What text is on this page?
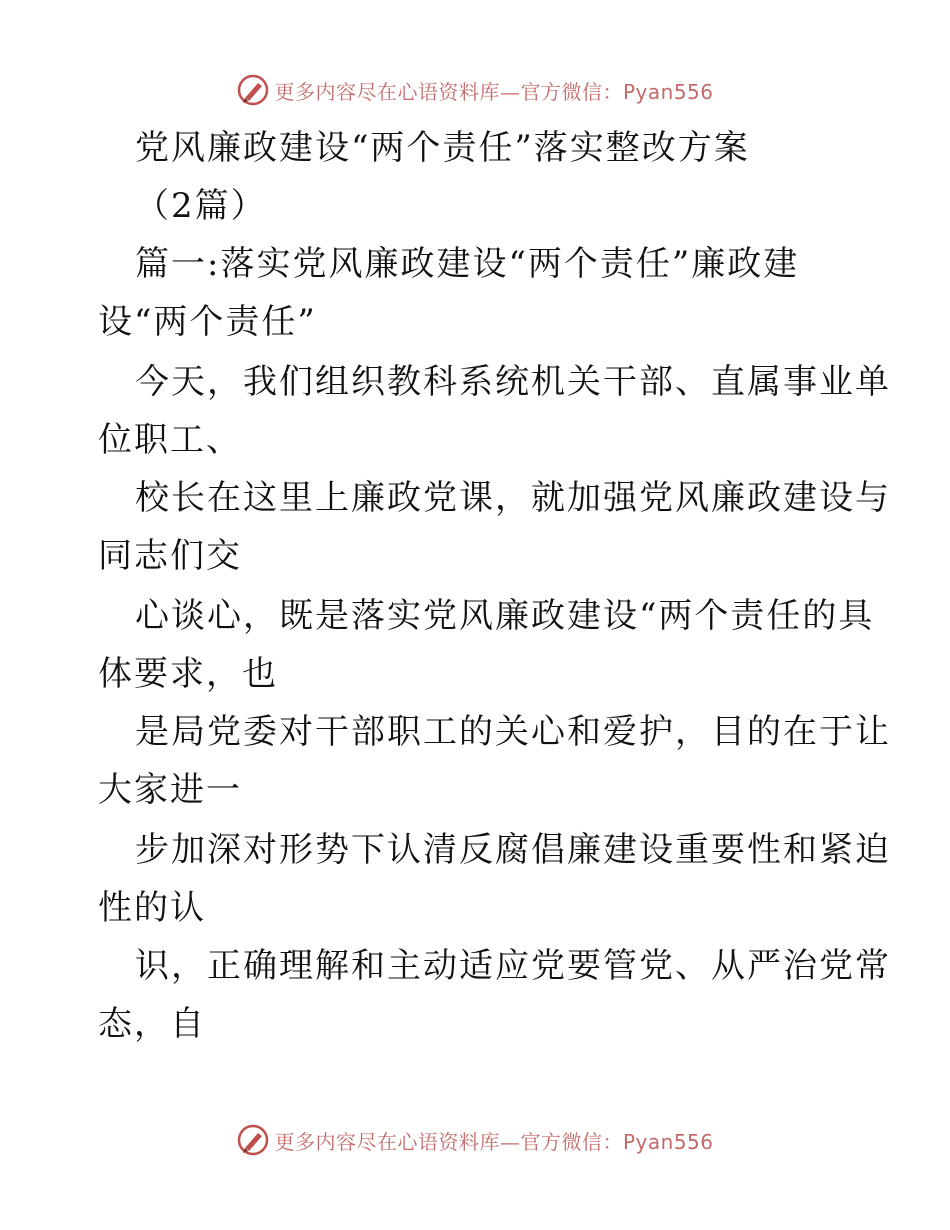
更多内容尽在心语资料库—官方微信：Pyan556
党风廉政建设“两个责任”落实整改方案
（2篇）
篇一:落实党风廉政建设“两个责任”廉政建
设“两个责任”
今天，我们组织教科系统机关干部、直属事业单
位职工、
校长在这里上廉政党课，就加强党风廉政建设与
同志们交
心谈心，既是落实党风廉政建设“两个责任的具
体要求，也
是局党委对干部职工的关心和爱护，目的在于让
大家进一
步加深对形势下认清反腐倡廉建设重要性和紧迫
性的认
识，正确理解和主动适应党要管党、从严治党常
态，自
更多内容尽在心语资料库—官方微信：Pyan556
